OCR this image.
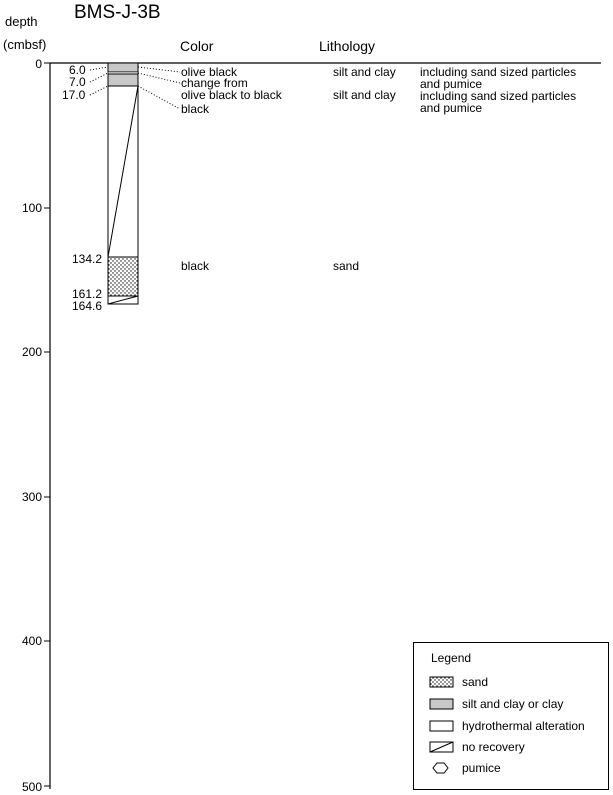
BMS-J-3B
depth
(cmbsf)	Color	Lithology
0
100
200
300
400
500
6.0
7.0
17.0
134.2
161.2
164.6
olive black
change from
olive black to black
black
silt and clay
silt and clay
including sand sized particles
and pumice
including sand sized particles
and pumice
black	sand
Legend
sand
silt and clay or clay
hydrothermal alteration
no recovery
pumice
